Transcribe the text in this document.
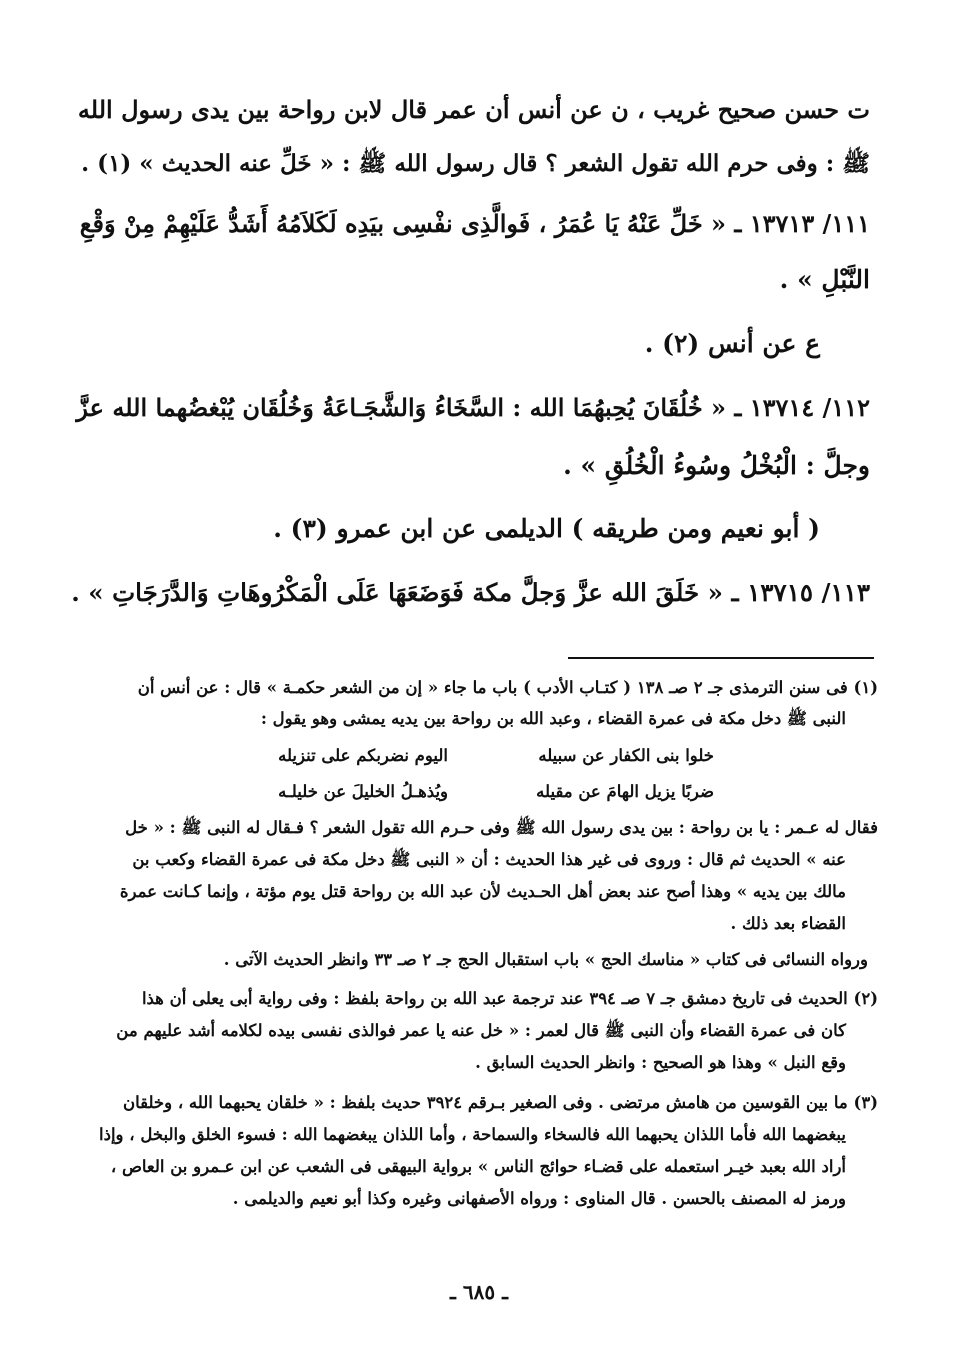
ت حسن صحيح غريب ، ن عن أنس أن عمر قال لابن رواحة بين يدى رسول الله
ﷺ : وفى حرم الله تقول الشعر ؟ قال رسول الله ﷺ : « خَلِّ عنه الحديث » (١) .
١١١/ ١٣٧١٣ ـ « خَلِّ عَنْهُ يَا عُمَرُ ، فَوالَّذِى نفْسِى بيَدِه لَكَلاَمُهُ أَشَدُّ عَلَيْهِمْ مِنْ وَقْعِ
النَّبْلِ » .
ع عن أنس (٢) .
١١٢/ ١٣٧١٤ ـ « خُلُقَانَ يُحِبهُمَا الله : السَّخَاءُ وَالشَّجَـاعَةُ وَخُلُقَان يُبْغضُهما الله عزَّ
وجلَّ : الْبُخْلُ وسُوءُ الْخُلُقِ » .
( أبو نعيم ومن طريقه ) الديلمى عن ابن عمرو (٣) .
١١٣/ ١٣٧١٥ ـ « خَلَقَ الله عزَّ وَجلَّ مكة فَوَضَعَهَا عَلَى الْمَكْرُوهَاتِ وَالدَّرَجَاتِ » .
(١) فى سنن الترمذى جـ ٢ صـ ١٣٨ ( كتـاب الأدب ) باب ما جاء « إن من الشعر حكمـة » قال : عن أنس أن
النبى ﷺ دخل مكة فى عمرة القضاء ، وعبد الله بن رواحة بين يديه يمشى وهو يقول :
خلوا بنى الكفار عن سبيله
اليوم نضربكم على تنزيله
ضربًا يزيل الهامَ عن مقيله
ويُذهـلُ الخليلَ عن خليلـه
فقال له عـمر : يا بن رواحة : بين يدى رسول الله ﷺ وفى حـرم الله تقول الشعر ؟ فـقال له النبى ﷺ : « خل
عنه » الحديث ثم قال : وروى فى غير هذا الحديث : أن « النبى ﷺ دخل مكة فى عمرة القضاء وكعب بن
مالك بين يديه » وهذا أصح عند بعض أهل الحـديث لأن عبد الله بن رواحة قتل يوم مؤتة ، وإنما كـانت عمرة
القضاء بعد ذلك .
ورواه النسائى فى كتاب « مناسك الحج » باب استقبال الحج جـ ٢ صـ ٣٣ وانظر الحديث الآتى .
(٢) الحديث فى تاريخ دمشق جـ ٧ صـ ٣٩٤ عند ترجمة عبد الله بن رواحة بلفظ : وفى رواية أبى يعلى أن هذا
كان فى عمرة القضاء وأن النبى ﷺ قال لعمر : « خل عنه يا عمر فوالذى نفسى بيده لكلامه أشد عليهم من
وقع النبل » وهذا هو الصحيح : وانظر الحديث السابق .
(٣) ما بين القوسين من هامش مرتضى . وفى الصغير بـرقم ٣٩٢٤ حديث بلفظ : « خلقان يحبهما الله ، وخلقان
يبغضهما الله فأما اللذان يحبهما الله فالسخاء والسماحة ، وأما اللذان يبغضهما الله : فسوء الخلق والبخل ، وإذا
أراد الله بعبد خيـر استعمله على قضـاء حوائج الناس » برواية البيهقى فى الشعب عن ابن عـمرو بن العاص ،
ورمز له المصنف بالحسن . قال المناوى : ورواه الأصفهانى وغيره وكذا أبو نعيم والديلمى .
ـ ٦٨٥ ـ
